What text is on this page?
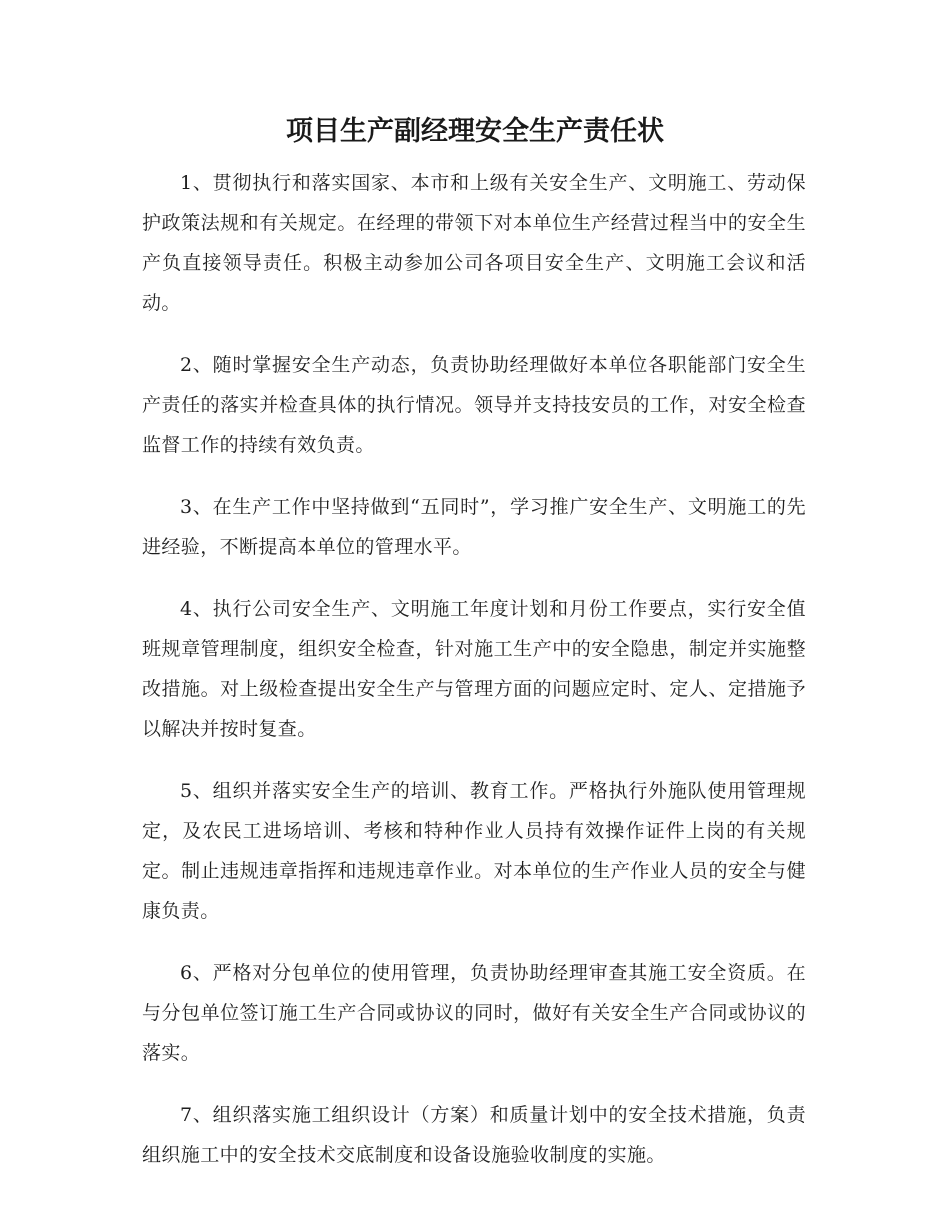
项目生产副经理安全生产责任状

1、贯彻执行和落实国家、本市和上级有关安全生产、文明施工、劳动保护政策法规和有关规定。在经理的带领下对本单位生产经营过程当中的安全生产负直接领导责任。积极主动参加公司各项目安全生产、文明施工会议和活动。

2、随时掌握安全生产动态，负责协助经理做好本单位各职能部门安全生产责任的落实并检查具体的执行情况。领导并支持技安员的工作，对安全检查监督工作的持续有效负责。

3、在生产工作中坚持做到“五同时”，学习推广安全生产、文明施工的先进经验，不断提高本单位的管理水平。

4、执行公司安全生产、文明施工年度计划和月份工作要点，实行安全值班规章管理制度，组织安全检查，针对施工生产中的安全隐患，制定并实施整改措施。对上级检查提出安全生产与管理方面的问题应定时、定人、定措施予以解决并按时复查。

5、组织并落实安全生产的培训、教育工作。严格执行外施队使用管理规定，及农民工进场培训、考核和特种作业人员持有效操作证件上岗的有关规定。制止违规违章指挥和违规违章作业。对本单位的生产作业人员的安全与健康负责。

6、严格对分包单位的使用管理，负责协助经理审查其施工安全资质。在与分包单位签订施工生产合同或协议的同时，做好有关安全生产合同或协议的落实。

7、组织落实施工组织设计（方案）和质量计划中的安全技术措施，负责组织施工中的安全技术交底制度和设备设施验收制度的实施。
